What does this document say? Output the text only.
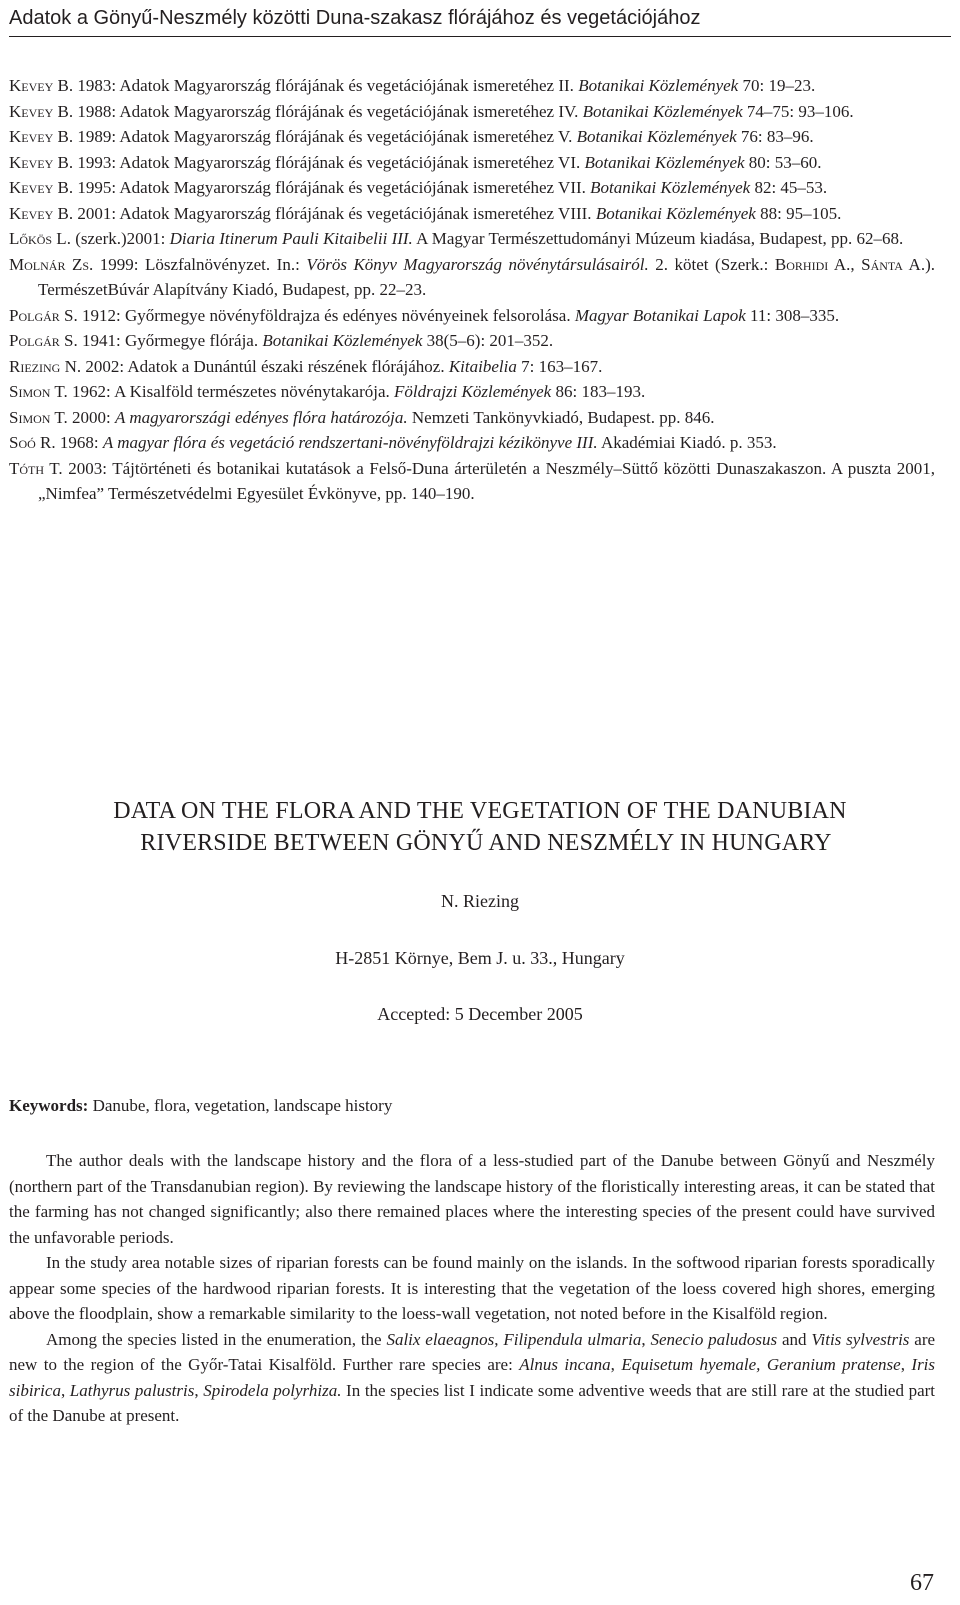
Adatok a Gönyű-Neszmély közötti Duna-szakasz flórájához és vegetációjához
Kevey B. 1983: Adatok Magyarország flórájának és vegetációjának ismeretéhez II. Botanikai Közlemények 70: 19–23.
Kevey B. 1988: Adatok Magyarország flórájának és vegetációjának ismeretéhez IV. Botanikai Közlemények 74–75: 93–106.
Kevey B. 1989: Adatok Magyarország flórájának és vegetációjának ismeretéhez V. Botanikai Közlemények 76: 83–96.
Kevey B. 1993: Adatok Magyarország flórájának és vegetációjának ismeretéhez VI. Botanikai Közlemények 80: 53–60.
Kevey B. 1995: Adatok Magyarország flórájának és vegetációjának ismeretéhez VII. Botanikai Közlemények 82: 45–53.
Kevey B. 2001: Adatok Magyarország flórájának és vegetációjának ismeretéhez VIII. Botanikai Közlemények 88: 95–105.
Lőkös L. (szerk.)2001: Diaria Itinerum Pauli Kitaibelii III. A Magyar Természettudományi Múzeum kiadása, Budapest, pp. 62–68.
Molnár Zs. 1999: Löszfalnövényzet. In.: Vörös Könyv Magyarország növénytársulásairól. 2. kötet (Szerk.: Borhidi A., Sánta A.). TermészetBúvár Alapítvány Kiadó, Budapest, pp. 22–23.
Polgár S. 1912: Győrmegye növényföldrajza és edényes növényeinek felsorolása. Magyar Botanikai Lapok 11: 308–335.
Polgár S. 1941: Győrmegye flórája. Botanikai Közlemények 38(5–6): 201–352.
Riezing N. 2002: Adatok a Dunántúl északi részének flórájához. Kitaibelia 7: 163–167.
Simon T. 1962: A Kisalföld természetes növénytakarója. Földrajzi Közlemények 86: 183–193.
Simon T. 2000: A magyarországi edényes flóra határozója. Nemzeti Tankönyvkiadó, Budapest. pp. 846.
Soó R. 1968: A magyar flóra és vegetáció rendszertani-növényföldrajzi kézikönyve III. Akadémiai Kiadó. p. 353.
Tóth T. 2003: Tájtörténeti és botanikai kutatások a Felső-Duna árterületén a Neszmély–Süttő közötti Dunaszakaszon. A puszta 2001, „Nimfea” Természetvédelmi Egyesület Évkönyve, pp. 140–190.
DATA ON THE FLORA AND THE VEGETATION OF THE DANUBIAN
RIVERSIDE BETWEEN GÖNYŰ AND NESZMÉLY IN HUNGARY
N. Riezing
H-2851 Környe, Bem J. u. 33., Hungary
Accepted: 5 December 2005
Keywords: Danube, flora, vegetation, landscape history

The author deals with the landscape history and the flora of a less-studied part of the Danube between Gönyű and Neszmély (northern part of the Transdanubian region). By reviewing the landscape history of the floristically interesting areas, it can be stated that the farming has not changed significantly; also there remained places where the interesting species of the present could have survived the unfavorable periods.

In the study area notable sizes of riparian forests can be found mainly on the islands. In the softwood riparian forests sporadically appear some species of the hardwood riparian forests. It is interesting that the vegetation of the loess covered high shores, emerging above the floodplain, show a remarkable similarity to the loess-wall vegetation, not noted before in the Kisalföld region.

Among the species listed in the enumeration, the Salix elaeagnos, Filipendula ulmaria, Senecio paludosus and Vitis sylvestris are new to the region of the Győr-Tatai Kisalföld. Further rare species are: Alnus incana, Equisetum hyemale, Geranium pratense, Iris sibirica, Lathyrus palustris, Spirodela polyrhiza. In the species list I indicate some adventive weeds that are still rare at the studied part of the Danube at present.

67
